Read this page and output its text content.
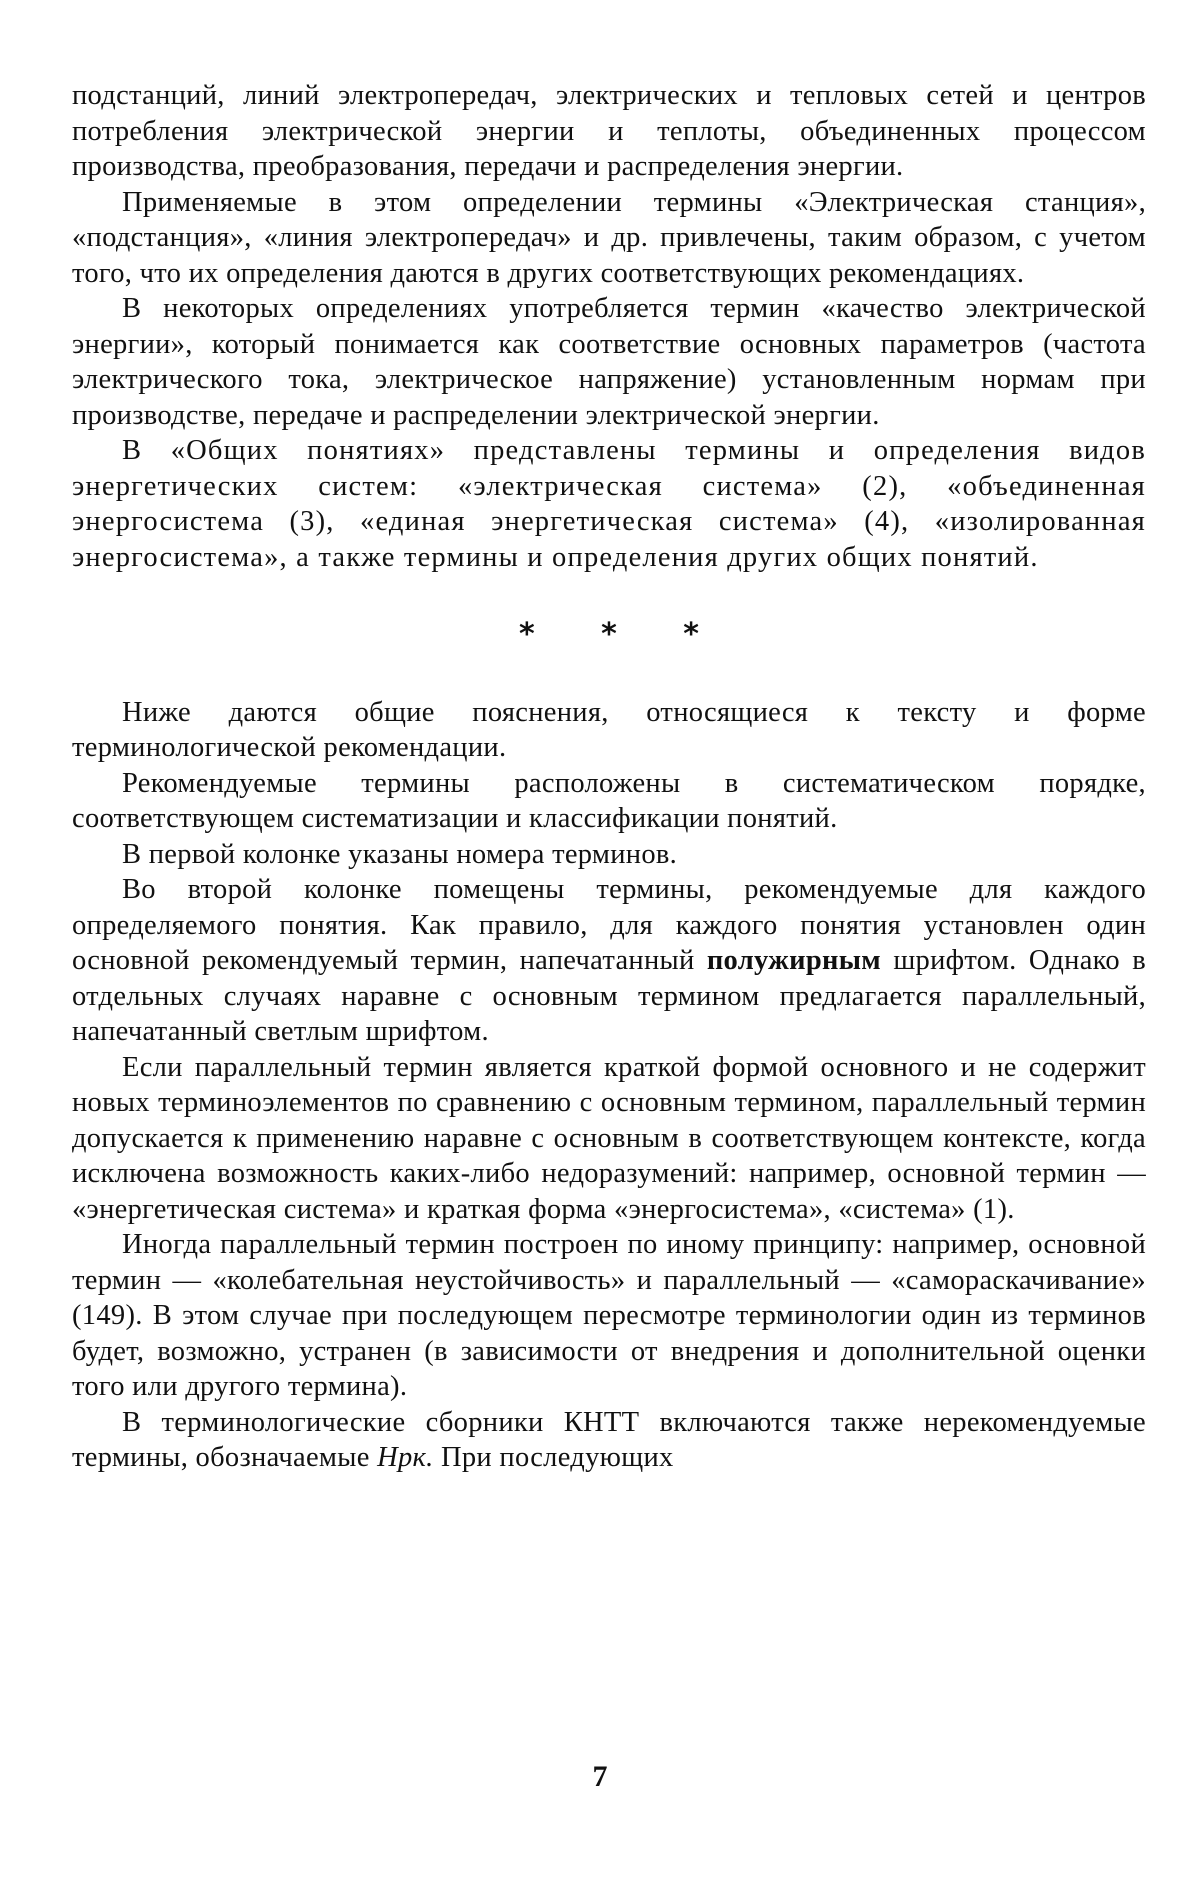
подстанций, линий электропередач, электрических и тепловых сетей и центров потребления электрической энергии и теплоты, объединенных процессом производства, преобразования, передачи и распределения энергии.

Применяемые в этом определении термины «Электрическая станция», «подстанция», «линия электропередач» и др. привлечены, таким образом, с учетом того, что их определения даются в других соответствующих рекомендациях.

В некоторых определениях употребляется термин «качество электрической энергии», который понимается как соответствие основных параметров (частота электрического тока, электрическое напряжение) установленным нормам при производстве, передаче и распределении электрической энергии.

В «Общих понятиях» представлены термины и определения видов энергетических систем: «электрическая система» (2), «объединенная энергосистема (3), «единая энергетическая система» (4), «изолированная энергосистема», а также термины и определения других общих понятий.

* * *

Ниже даются общие пояснения, относящиеся к тексту и форме терминологической рекомендации.

Рекомендуемые термины расположены в систематическом порядке, соответствующем систематизации и классификации понятий.

В первой колонке указаны номера терминов.

Во второй колонке помещены термины, рекомендуемые для каждого определяемого понятия. Как правило, для каждого понятия установлен один основной рекомендуемый термин, напечатанный полужирным шрифтом. Однако в отдельных случаях наравне с основным термином предлагается параллельный, напечатанный светлым шрифтом.

Если параллельный термин является краткой формой основного и не содержит новых терминоэлементов по сравнению с основным термином, параллельный термин допускается к применению наравне с основным в соответствующем контексте, когда исключена возможность каких-либо недоразумений: например, основной термин — «энергетическая система» и краткая форма «энергосистема», «система» (1).

Иногда параллельный термин построен по иному принципу: например, основной термин — «колебательная неустойчивость» и параллельный — «самораскачивание» (149). В этом случае при последующем пересмотре терминологии один из терминов будет, возможно, устранен (в зависимости от внедрения и дополнительной оценки того или другого термина).

В терминологические сборники КНТТ включаются также нерекомендуемые термины, обозначаемые Нрк. При последующих

7
